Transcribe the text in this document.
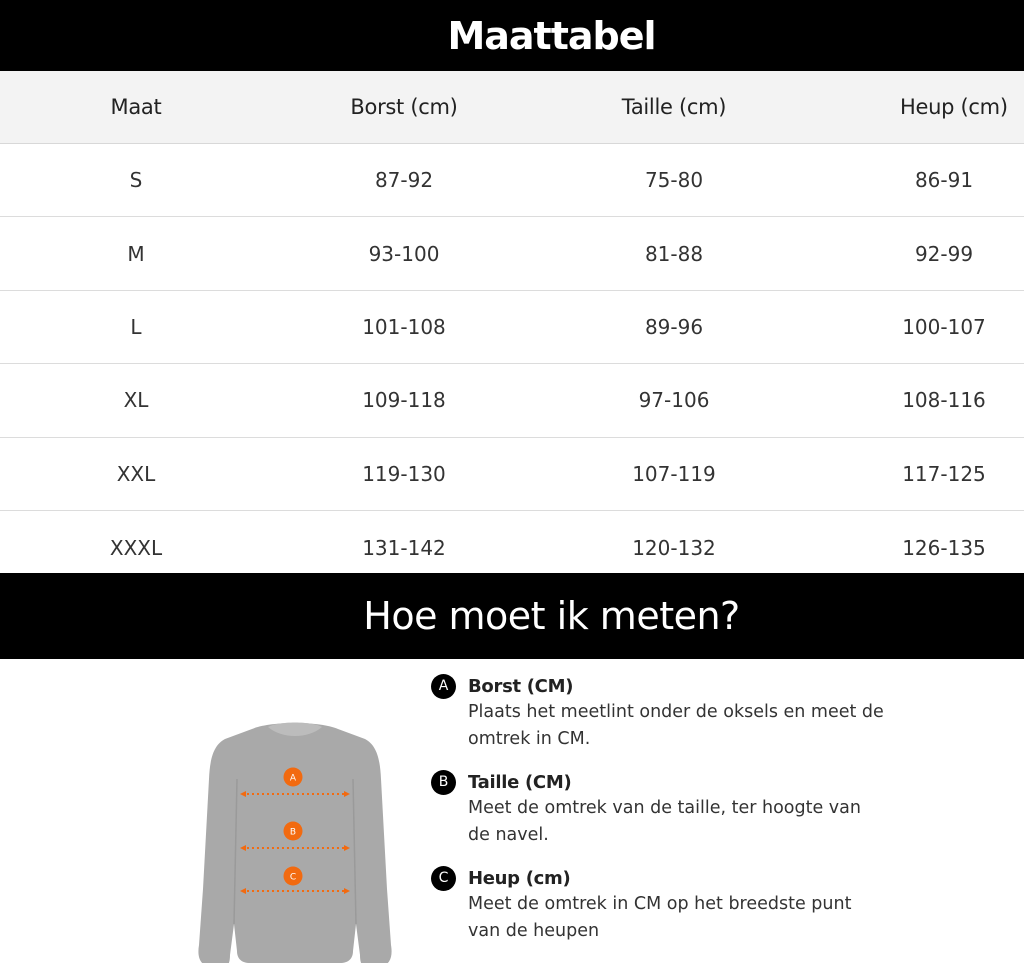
Maattabel
Maat	Borst (cm)	Taille (cm)	Heup (cm)
S	87-92	75-80	86-91
M	93-100	81-88	92-99
L	101-108	89-96	100-107
XL	109-118	97-106	108-116
XXL	119-130	107-119	117-125
XXXL	131-142	120-132	126-135
Hoe moet ik meten?
A
B
C
A	Borst (CM)

Plaats het meetlint onder de oksels en meet de omtrek in CM.

B	Taille (CM)

Meet de omtrek van de taille, ter hoogte van de navel.

C	Heup (cm)

Meet de omtrek in CM op het breedste punt van de heupen
